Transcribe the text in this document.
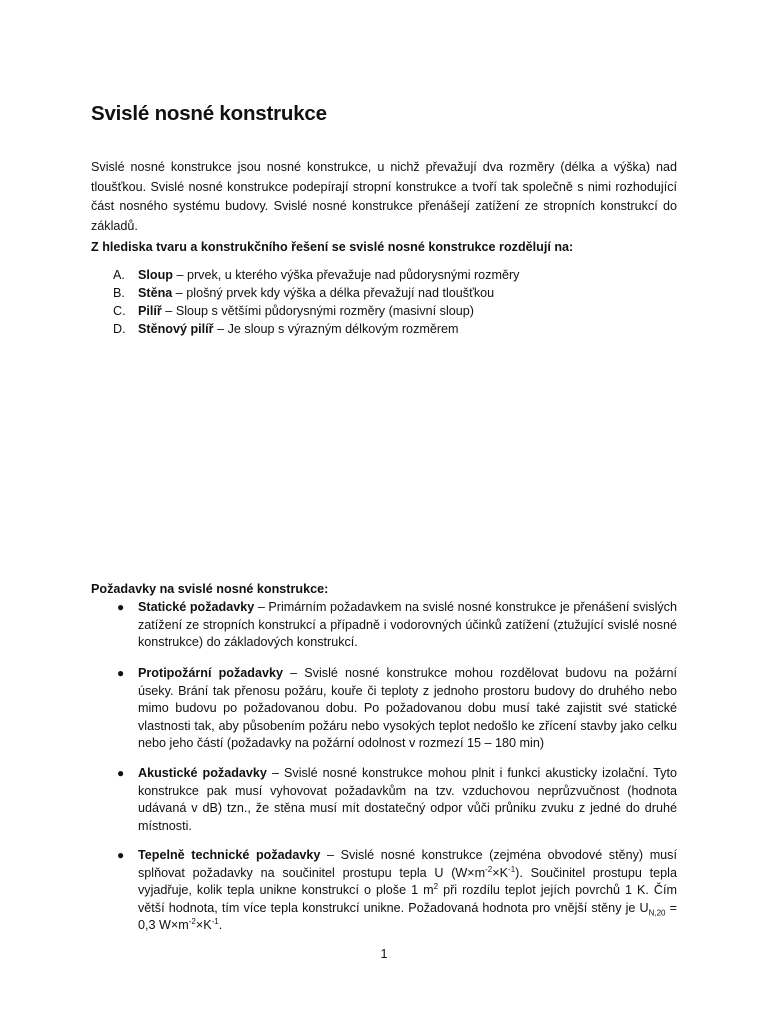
Svislé nosné konstrukce

Svislé nosné konstrukce jsou nosné konstrukce, u nichž převažují dva rozměry (délka a výška) nad tloušťkou. Svislé nosné konstrukce podepírají stropní konstrukce a tvoří tak společně s nimi rozhodující část nosného systému budovy. Svislé nosné konstrukce přenášejí zatížení ze stropních konstrukcí do základů.

Z hlediska tvaru a konstrukčního řešení se svislé nosné konstrukce rozdělují na:

A. Sloup – prvek, u kterého výška převažuje nad půdorysnými rozměry
B. Stěna – plošný prvek kdy výška a délka převažují nad tloušťkou
C. Pilíř – Sloup s většími půdorysnými rozměry (masivní sloup)
D. Stěnový pilíř – Je sloup s výrazným délkovým rozměrem

Požadavky na svislé nosné konstrukce:

● Statické požadavky – Primárním požadavkem na svislé nosné konstrukce je přenášení svislých zatížení ze stropních konstrukcí a případně i vodorovných účinků zatížení (ztužující svislé nosné konstrukce) do základových konstrukcí.

● Protipožární požadavky – Svislé nosné konstrukce mohou rozdělovat budovu na požární úseky. Brání tak přenosu požáru, kouře či teploty z jednoho prostoru budovy do druhého nebo mimo budovu po požadovanou dobu. Po požadovanou dobu musí také zajistit své statické vlastnosti tak, aby působením požáru nebo vysokých teplot nedošlo ke zřícení stavby jako celku nebo jeho částí (požadavky na požární odolnost v rozmezí 15 – 180 min)

● Akustické požadavky – Svislé nosné konstrukce mohou plnit i funkci akusticky izolační. Tyto konstrukce pak musí vyhovovat požadavkům na tzv. vzduchovou neprůzvučnost (hodnota udávaná v dB) tzn., že stěna musí mít dostatečný odpor vůči průniku zvuku z jedné do druhé místnosti.

● Tepelně technické požadavky – Svislé nosné konstrukce (zejména obvodové stěny) musí splňovat požadavky na součinitel prostupu tepla U $(W\times m^{-2}\times K^{-1})$. Součinitel prostupu tepla vyjadřuje, kolik tepla unikne konstrukcí o ploše 1 $m^2$ při rozdílu teplot jejích povrchů 1 K. Čím větší hodnota, tím více tepla konstrukcí unikne. Požadovaná hodnota pro vnější stěny je $U_{N,20} = 0,3$ $W\times m^{-2}\times K^{-1}$.

1
